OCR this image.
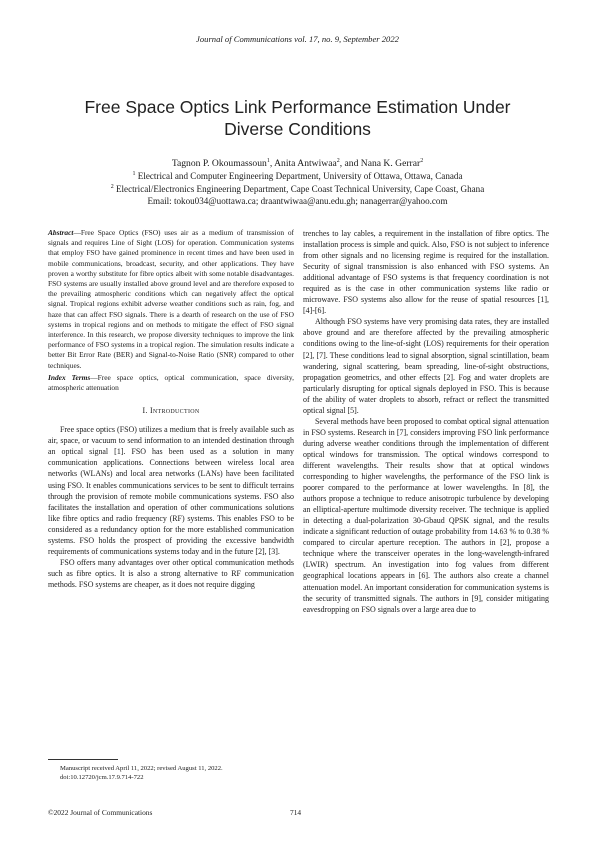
Journal of Communications vol. 17, no. 9, September 2022
Free Space Optics Link Performance Estimation Under
Diverse Conditions
Tagnon P. Okoumassoun$^1$, Anita Antwiwaa$^2$, and Nana K. Gerrar$^2$
$^1$ Electrical and Computer Engineering Department, University of Ottawa, Ottawa, Canada
$^2$ Electrical/Electronics Engineering Department, Cape Coast Technical University, Cape Coast, Ghana
Email: tokou034@uottawa.ca; draantwiwaa@anu.edu.gh; nanagerrar@yahoo.com

Abstract—Free Space Optics (FSO) uses air as a medium of transmission of signals and requires Line of Sight (LOS) for operation. Communication systems that employ FSO have gained prominence in recent times and have been used in mobile communications, broadcast, security, and other applications. They have proven a worthy substitute for fibre optics albeit with some notable disadvantages. FSO systems are usually installed above ground level and are therefore exposed to the prevailing atmospheric conditions which can negatively affect the optical signal. Tropical regions exhibit adverse weather conditions such as rain, fog, and haze that can affect FSO signals. There is a dearth of research on the use of FSO systems in tropical regions and on methods to mitigate the effect of FSO signal interference. In this research, we propose diversity techniques to improve the link performance of FSO systems in a tropical region. The simulation results indicate a better Bit Error Rate (BER) and Signal-to-Noise Ratio (SNR) compared to other techniques.

Index Terms—Free space optics, optical communication, space diversity, atmospheric attenuation

I. Introduction

Free space optics (FSO) utilizes a medium that is freely available such as air, space, or vacuum to send information to an intended destination through an optical signal [1]. FSO has been used as a solution in many communication applications. Connections between wireless local area networks (WLANs) and local area networks (LANs) have been facilitated using FSO. It enables communications services to be sent to difficult terrains through the provision of remote mobile communications systems. FSO also facilitates the installation and operation of other communications solutions like fibre optics and radio frequency (RF) systems. This enables FSO to be considered as a redundancy option for the more established communication systems. FSO holds the prospect of providing the excessive bandwidth requirements of communications systems today and in the future [2], [3].

FSO offers many advantages over other optical communication methods such as fibre optics. It is also a strong alternative to RF communication methods. FSO systems are cheaper, as it does not require digging

trenches to lay cables, a requirement in the installation of fibre optics. The installation process is simple and quick. Also, FSO is not subject to inference from other signals and no licensing regime is required for the installation. Security of signal transmission is also enhanced with FSO systems. An additional advantage of FSO systems is that frequency coordination is not required as is the case in other communication systems like radio or microwave. FSO systems also allow for the reuse of spatial resources [1], [4]-[6].

Although FSO systems have very promising data rates, they are installed above ground and are therefore affected by the prevailing atmospheric conditions owing to the line-of-sight (LOS) requirements for their operation [2], [7]. These conditions lead to signal absorption, signal scintillation, beam wandering, signal scattering, beam spreading, line-of-sight obstructions, propagation geometrics, and other effects [2]. Fog and water droplets are particularly disrupting for optical signals deployed in FSO. This is because of the ability of water droplets to absorb, refract or reflect the transmitted optical signal [5].

Several methods have been proposed to combat optical signal attenuation in FSO systems. Research in [7], considers improving FSO link performance during adverse weather conditions through the implementation of different optical windows for transmission. The optical windows correspond to different wavelengths. Their results show that at optical windows corresponding to higher wavelengths, the performance of the FSO link is poorer compared to the performance at lower wavelengths. In [8], the authors propose a technique to reduce anisotropic turbulence by developing an elliptical-aperture multimode diversity receiver. The technique is applied in detecting a dual-polarization 30-Gbaud QPSK signal, and the results indicate a significant reduction of outage probability from 14.63 % to 0.38 % compared to circular aperture reception. The authors in [2], propose a technique where the transceiver operates in the long-wavelength-infrared (LWIR) spectrum. An investigation into fog values from different geographical locations appears in [6]. The authors also create a channel attenuation model. An important consideration for communication systems is the security of transmitted signals. The authors in [9], consider mitigating eavesdropping on FSO signals over a large area due to

Manuscript received April 11, 2022; revised August 11, 2022.
doi:10.12720/jcm.17.9.714-722
©2022 Journal of Communications	714
